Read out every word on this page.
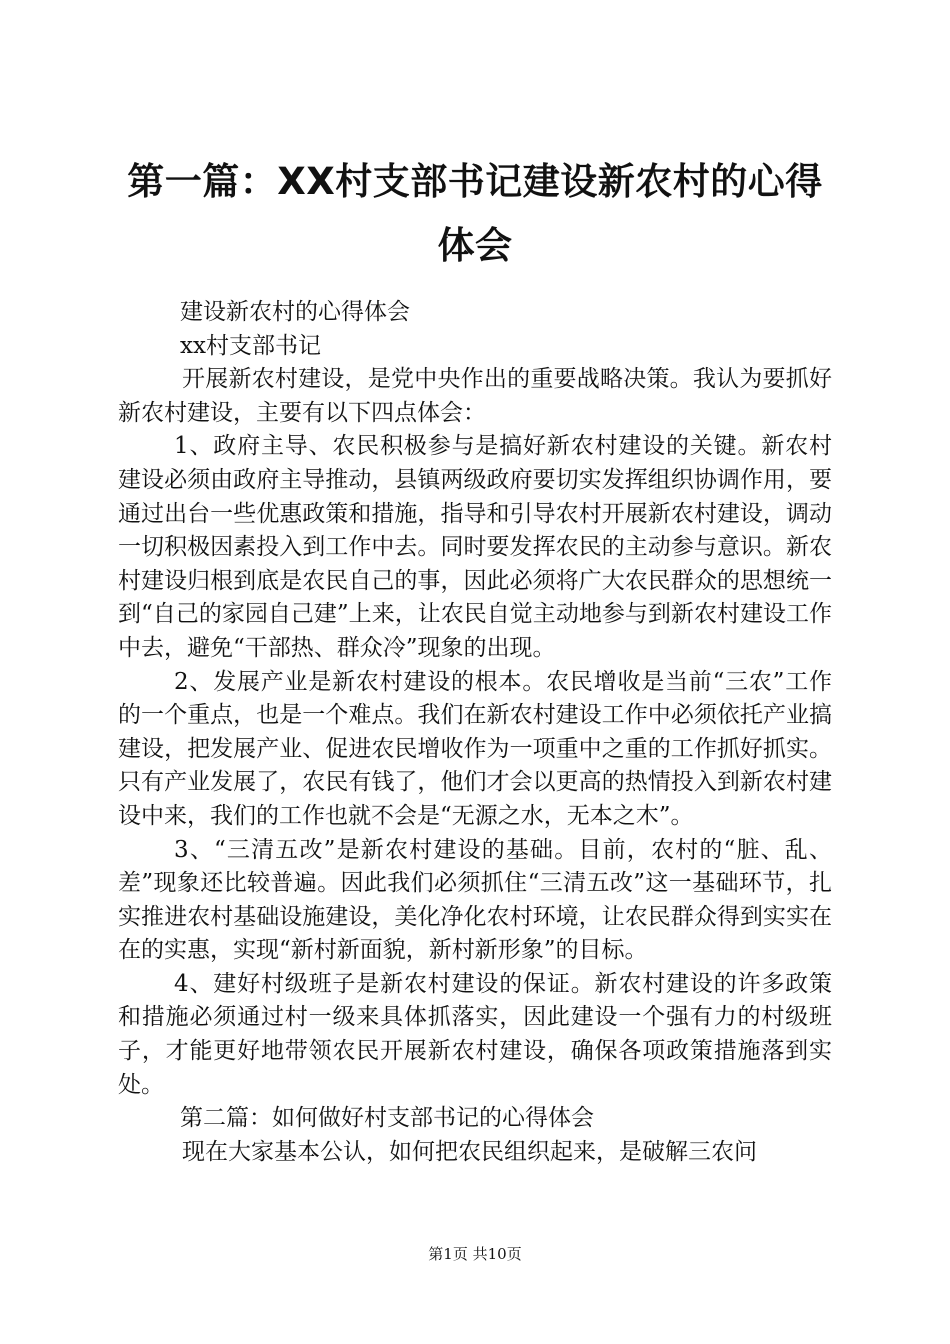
第一篇：XX村支部书记建设新农村的心得体会

建设新农村的心得体会

xx村支部书记

开展新农村建设，是党中央作出的重要战略决策。我认为要抓好新农村建设，主要有以下四点体会：

1、政府主导、农民积极参与是搞好新农村建设的关键。新农村建设必须由政府主导推动，县镇两级政府要切实发挥组织协调作用，要通过出台一些优惠政策和措施，指导和引导农村开展新农村建设，调动一切积极因素投入到工作中去。同时要发挥农民的主动参与意识。新农村建设归根到底是农民自己的事，因此必须将广大农民群众的思想统一到“自己的家园自己建”上来，让农民自觉主动地参与到新农村建设工作中去，避免“干部热、群众冷”现象的出现。

2、发展产业是新农村建设的根本。农民增收是当前“三农”工作的一个重点，也是一个难点。我们在新农村建设工作中必须依托产业搞建设，把发展产业、促进农民增收作为一项重中之重的工作抓好抓实。只有产业发展了，农民有钱了，他们才会以更高的热情投入到新农村建设中来，我们的工作也就不会是“无源之水，无本之木”。

3、“三清五改”是新农村建设的基础。目前，农村的“脏、乱、差”现象还比较普遍。因此我们必须抓住“三清五改”这一基础环节，扎实推进农村基础设施建设，美化净化农村环境，让农民群众得到实实在在的实惠，实现“新村新面貌，新村新形象”的目标。

4、建好村级班子是新农村建设的保证。新农村建设的许多政策和措施必须通过村一级来具体抓落实，因此建设一个强有力的村级班子，才能更好地带领农民开展新农村建设，确保各项政策措施落到实处。

第二篇：如何做好村支部书记的心得体会

现在大家基本公认，如何把农民组织起来，是破解三农问

第1页 共10页
